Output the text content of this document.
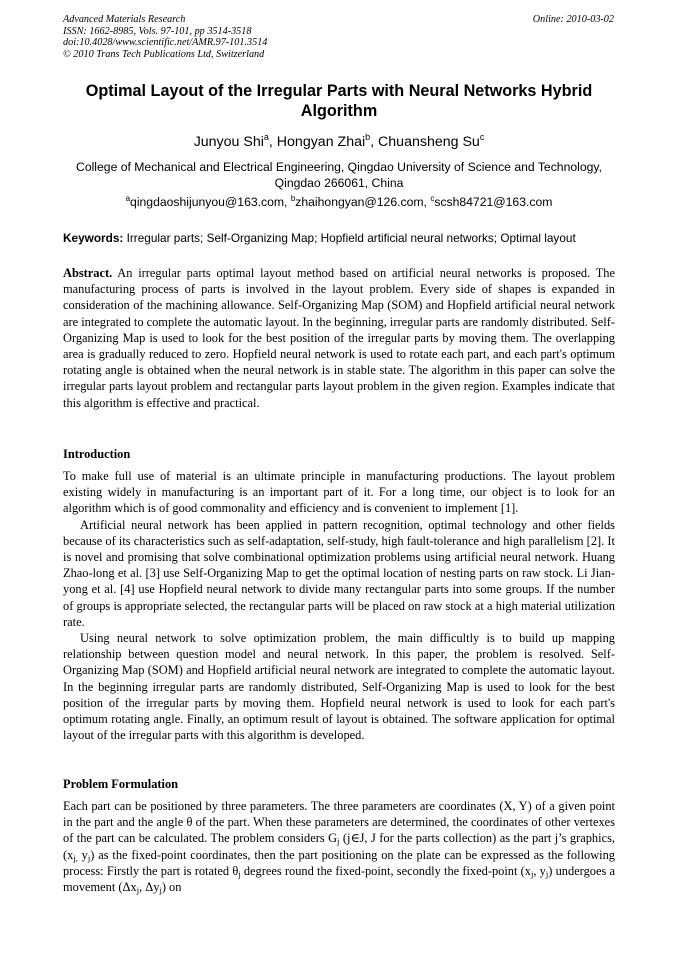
Advanced Materials Research
ISSN: 1662-8985, Vols. 97-101, pp 3514-3518
doi:10.4028/www.scientific.net/AMR.97-101.3514
© 2010 Trans Tech Publications Ltd, Switzerland
Online: 2010-03-02
Optimal Layout of the Irregular Parts with Neural Networks Hybrid Algorithm
Junyou Shi$^a$, Hongyan Zhai$^b$, Chuansheng Su$^c$
College of Mechanical and Electrical Engineering, Qingdao University of Science and Technology, Qingdao 266061, China
$^a$qingdaoshijunyou@163.com, $^b$zhaihongyan@126.com, $^c$scsh84721@163.com
Keywords: Irregular parts; Self-Organizing Map; Hopfield artificial neural networks; Optimal layout

Abstract. An irregular parts optimal layout method based on artificial neural networks is proposed. The manufacturing process of parts is involved in the layout problem. Every side of shapes is expanded in consideration of the machining allowance. Self-Organizing Map (SOM) and Hopfield artificial neural network are integrated to complete the automatic layout. In the beginning, irregular parts are randomly distributed. Self-Organizing Map is used to look for the best position of the irregular parts by moving them. The overlapping area is gradually reduced to zero. Hopfield neural network is used to rotate each part, and each part's optimum rotating angle is obtained when the neural network is in stable state. The algorithm in this paper can solve the irregular parts layout problem and rectangular parts layout problem in the given region. Examples indicate that this algorithm is effective and practical.

Introduction

To make full use of material is an ultimate principle in manufacturing productions. The layout problem existing widely in manufacturing is an important part of it. For a long time, our object is to look for an algorithm which is of good commonality and efficiency and is convenient to implement [1].

Artificial neural network has been applied in pattern recognition, optimal technology and other fields because of its characteristics such as self-adaptation, self-study, high fault-tolerance and high parallelism [2]. It is novel and promising that solve combinational optimization problems using artificial neural network. Huang Zhao-long et al. [3] use Self-Organizing Map to get the optimal location of nesting parts on raw stock. Li Jian-yong et al. [4] use Hopfield neural network to divide many rectangular parts into some groups. If the number of groups is appropriate selected, the rectangular parts will be placed on raw stock at a high material utilization rate.

Using neural network to solve optimization problem, the main difficultly is to build up mapping relationship between question model and neural network. In this paper, the problem is resolved. Self-Organizing Map (SOM) and Hopfield artificial neural network are integrated to complete the automatic layout. In the beginning irregular parts are randomly distributed, Self-Organizing Map is used to look for the best position of the irregular parts by moving them. Hopfield neural network is used to look for each part's optimum rotating angle. Finally, an optimum result of layout is obtained. The software application for optimal layout of the irregular parts with this algorithm is developed.

Problem Formulation

Each part can be positioned by three parameters. The three parameters are coordinates (X, Y) of a given point in the part and the angle θ of the part. When these parameters are determined, the coordinates of other vertexes of the part can be calculated. The problem considers $G_j$ (j∈J, J for the parts collection) as the part j’s graphics, ($x_{j,}$ $y_j$) as the fixed-point coordinates, then the part positioning on the plate can be expressed as the following process: Firstly the part is rotated $\theta_j$ degrees round the fixed-point, secondly the fixed-point ($x_j$, $y_j$) undergoes a movement ($\Delta x_j$, $\Delta y_j$) on
